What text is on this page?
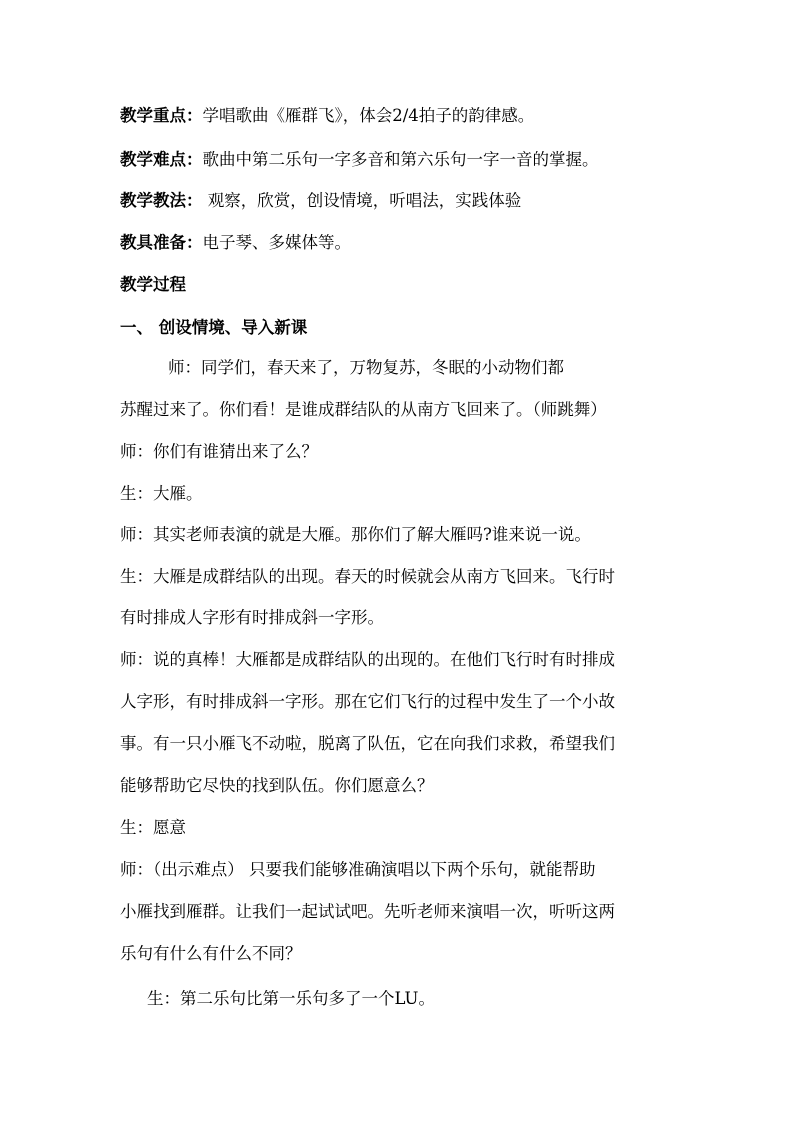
教学重点：学唱歌曲《雁群飞》，体会2/4拍子的韵律感。
教学难点：歌曲中第二乐句一字多音和第六乐句一字一音的掌握。
教学教法： 观察，欣赏，创设情境，听唱法，实践体验
教具准备：电子琴、多媒体等。
教学过程
一、 创设情境、导入新课
师：同学们，春天来了，万物复苏，冬眠的小动物们都
苏醒过来了。你们看！是谁成群结队的从南方飞回来了。（师跳舞）
师：你们有谁猜出来了么？
生：大雁。
师：其实老师表演的就是大雁。那你们了解大雁吗?谁来说一说。
生：大雁是成群结队的出现。春天的时候就会从南方飞回来。飞行时
有时排成人字形有时排成斜一字形。
师：说的真棒！大雁都是成群结队的出现的。在他们飞行时有时排成
人字形，有时排成斜一字形。那在它们飞行的过程中发生了一个小故
事。有一只小雁飞不动啦，脱离了队伍，它在向我们求救，希望我们
能够帮助它尽快的找到队伍。你们愿意么？
生：愿意
师：（出示难点） 只要我们能够准确演唱以下两个乐句，就能帮助
小雁找到雁群。让我们一起试试吧。先听老师来演唱一次，听听这两
乐句有什么有什么不同？
生：第二乐句比第一乐句多了一个LU。
